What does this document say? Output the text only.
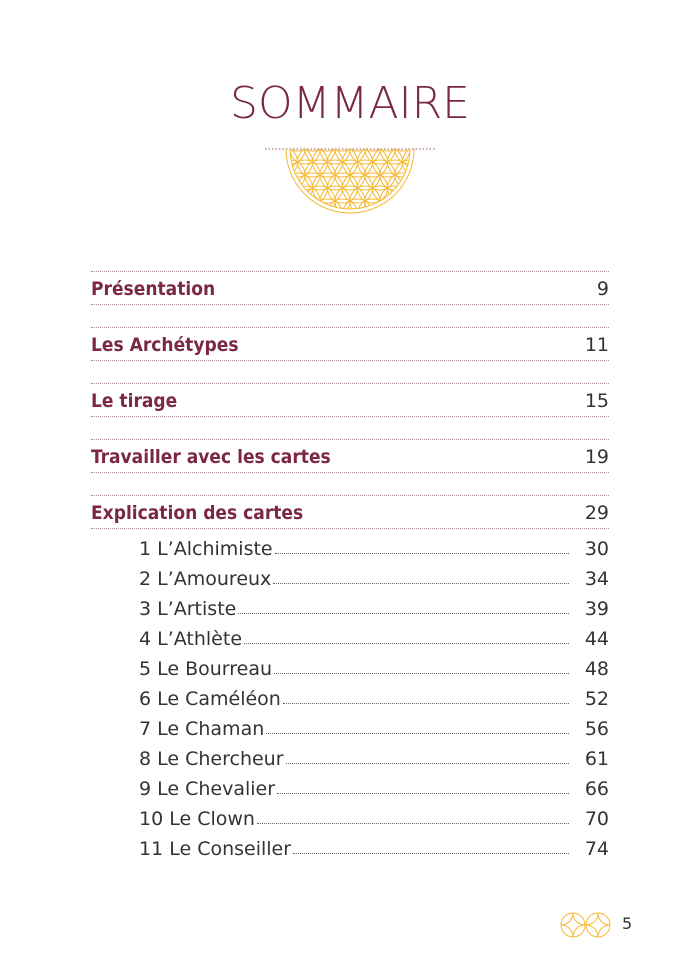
SOMMAIRE
Présentation	9
Les Archétypes	11
Le tirage	15
Travailler avec les cartes	19
Explication des cartes	29
1 L’Alchimiste	30
2 L’Amoureux	34
3 L’Artiste	39
4 L’Athlète	44
5 Le Bourreau	48
6 Le Caméléon	52
7 Le Chaman	56
8 Le Chercheur	61
9 Le Chevalier	66
10 Le Clown	70
11 Le Conseiller	74
5
